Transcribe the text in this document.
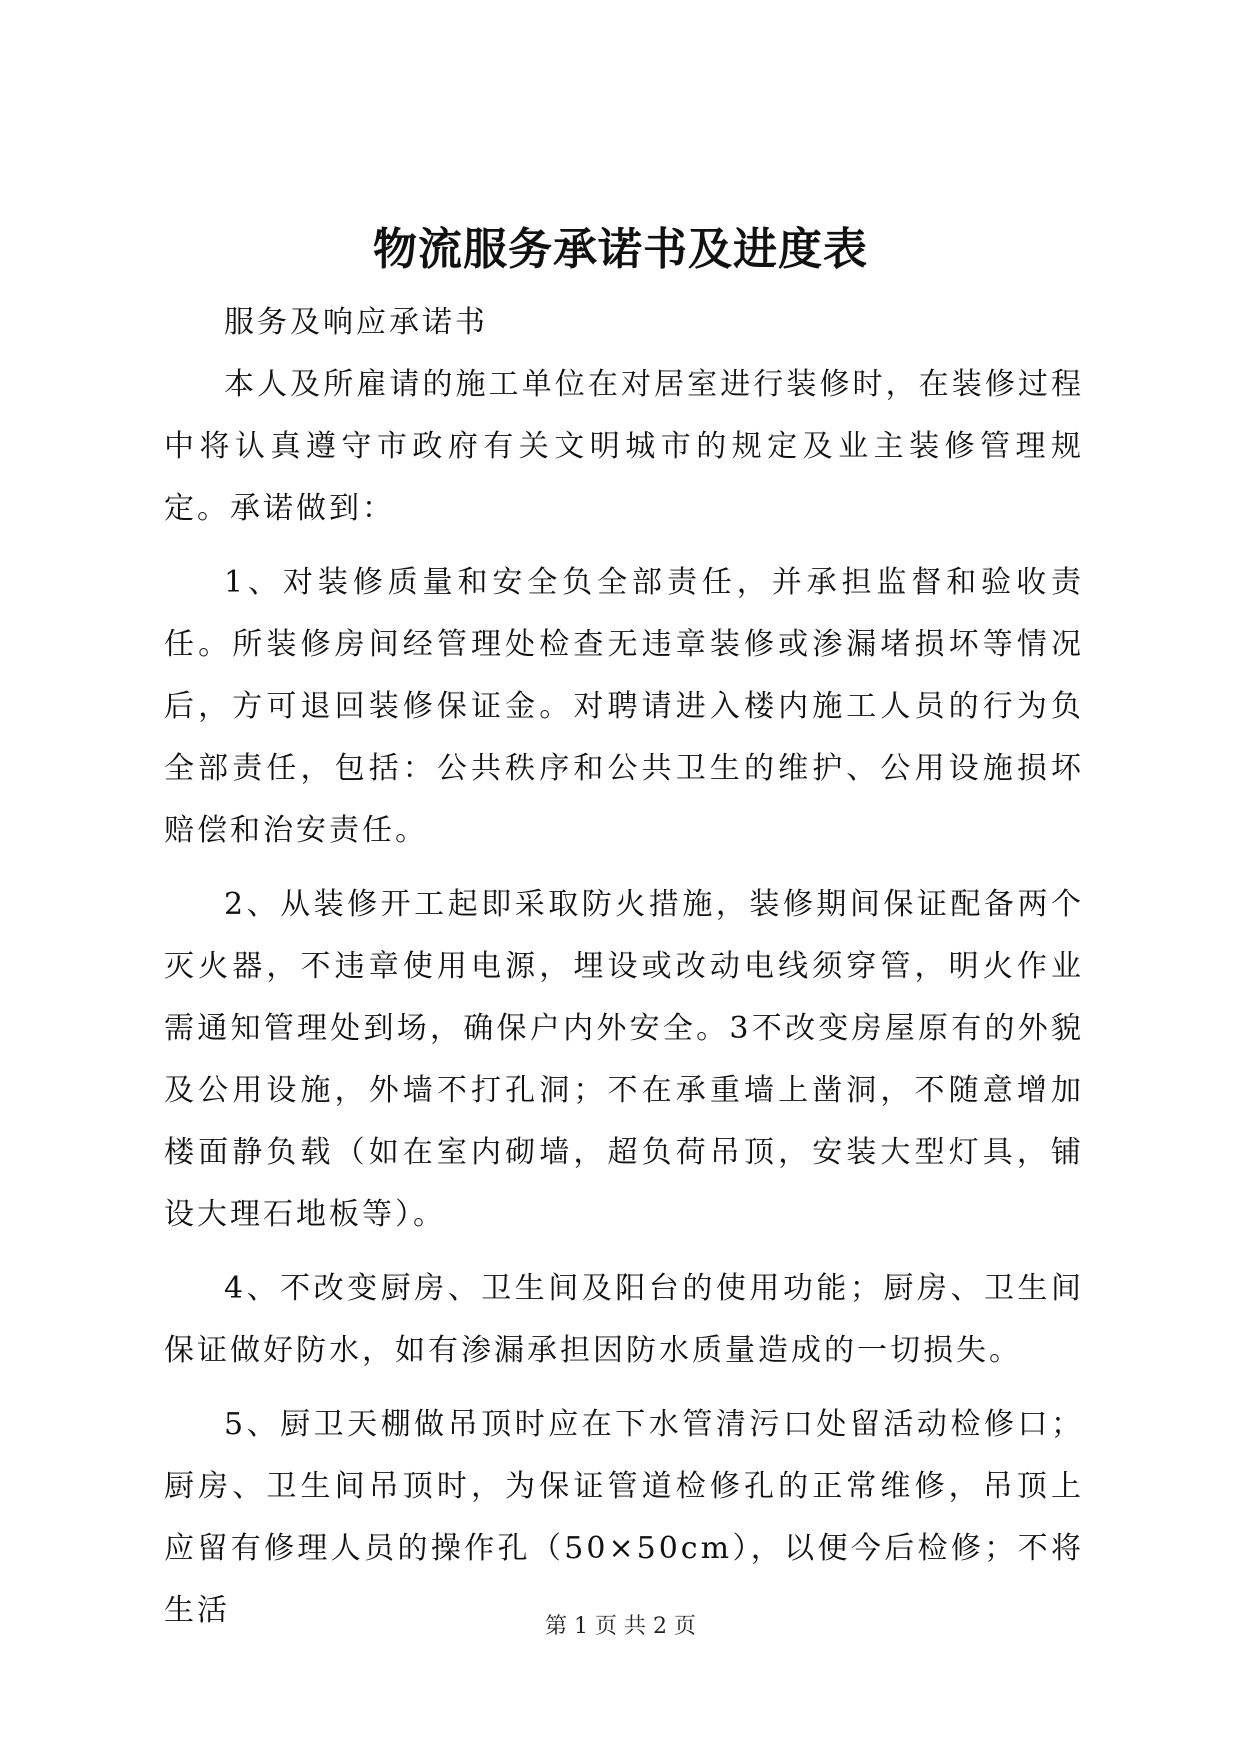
物流服务承诺书及进度表

服务及响应承诺书

本人及所雇请的施工单位在对居室进行装修时，在装修过程中将认真遵守市政府有关文明城市的规定及业主装修管理规定。承诺做到：

1、对装修质量和安全负全部责任，并承担监督和验收责任。所装修房间经管理处检查无违章装修或渗漏堵损坏等情况后，方可退回装修保证金。对聘请进入楼内施工人员的行为负全部责任，包括：公共秩序和公共卫生的维护、公用设施损坏赔偿和治安责任。

2、从装修开工起即采取防火措施，装修期间保证配备两个灭火器，不违章使用电源，埋设或改动电线须穿管，明火作业需通知管理处到场，确保户内外安全。3不改变房屋原有的外貌及公用设施，外墙不打孔洞；不在承重墙上凿洞，不随意增加楼面静负载（如在室内砌墙，超负荷吊顶，安装大型灯具，铺设大理石地板等）。

4、不改变厨房、卫生间及阳台的使用功能；厨房、卫生间保证做好防水，如有渗漏承担因防水质量造成的一切损失。

5、厨卫天棚做吊顶时应在下水管清污口处留活动检修口；厨房、卫生间吊顶时，为保证管道检修孔的正常维修，吊顶上应留有修理人员的操作孔（50×50cm），以便今后检修；不将生活	第 1 页 共 2 页
